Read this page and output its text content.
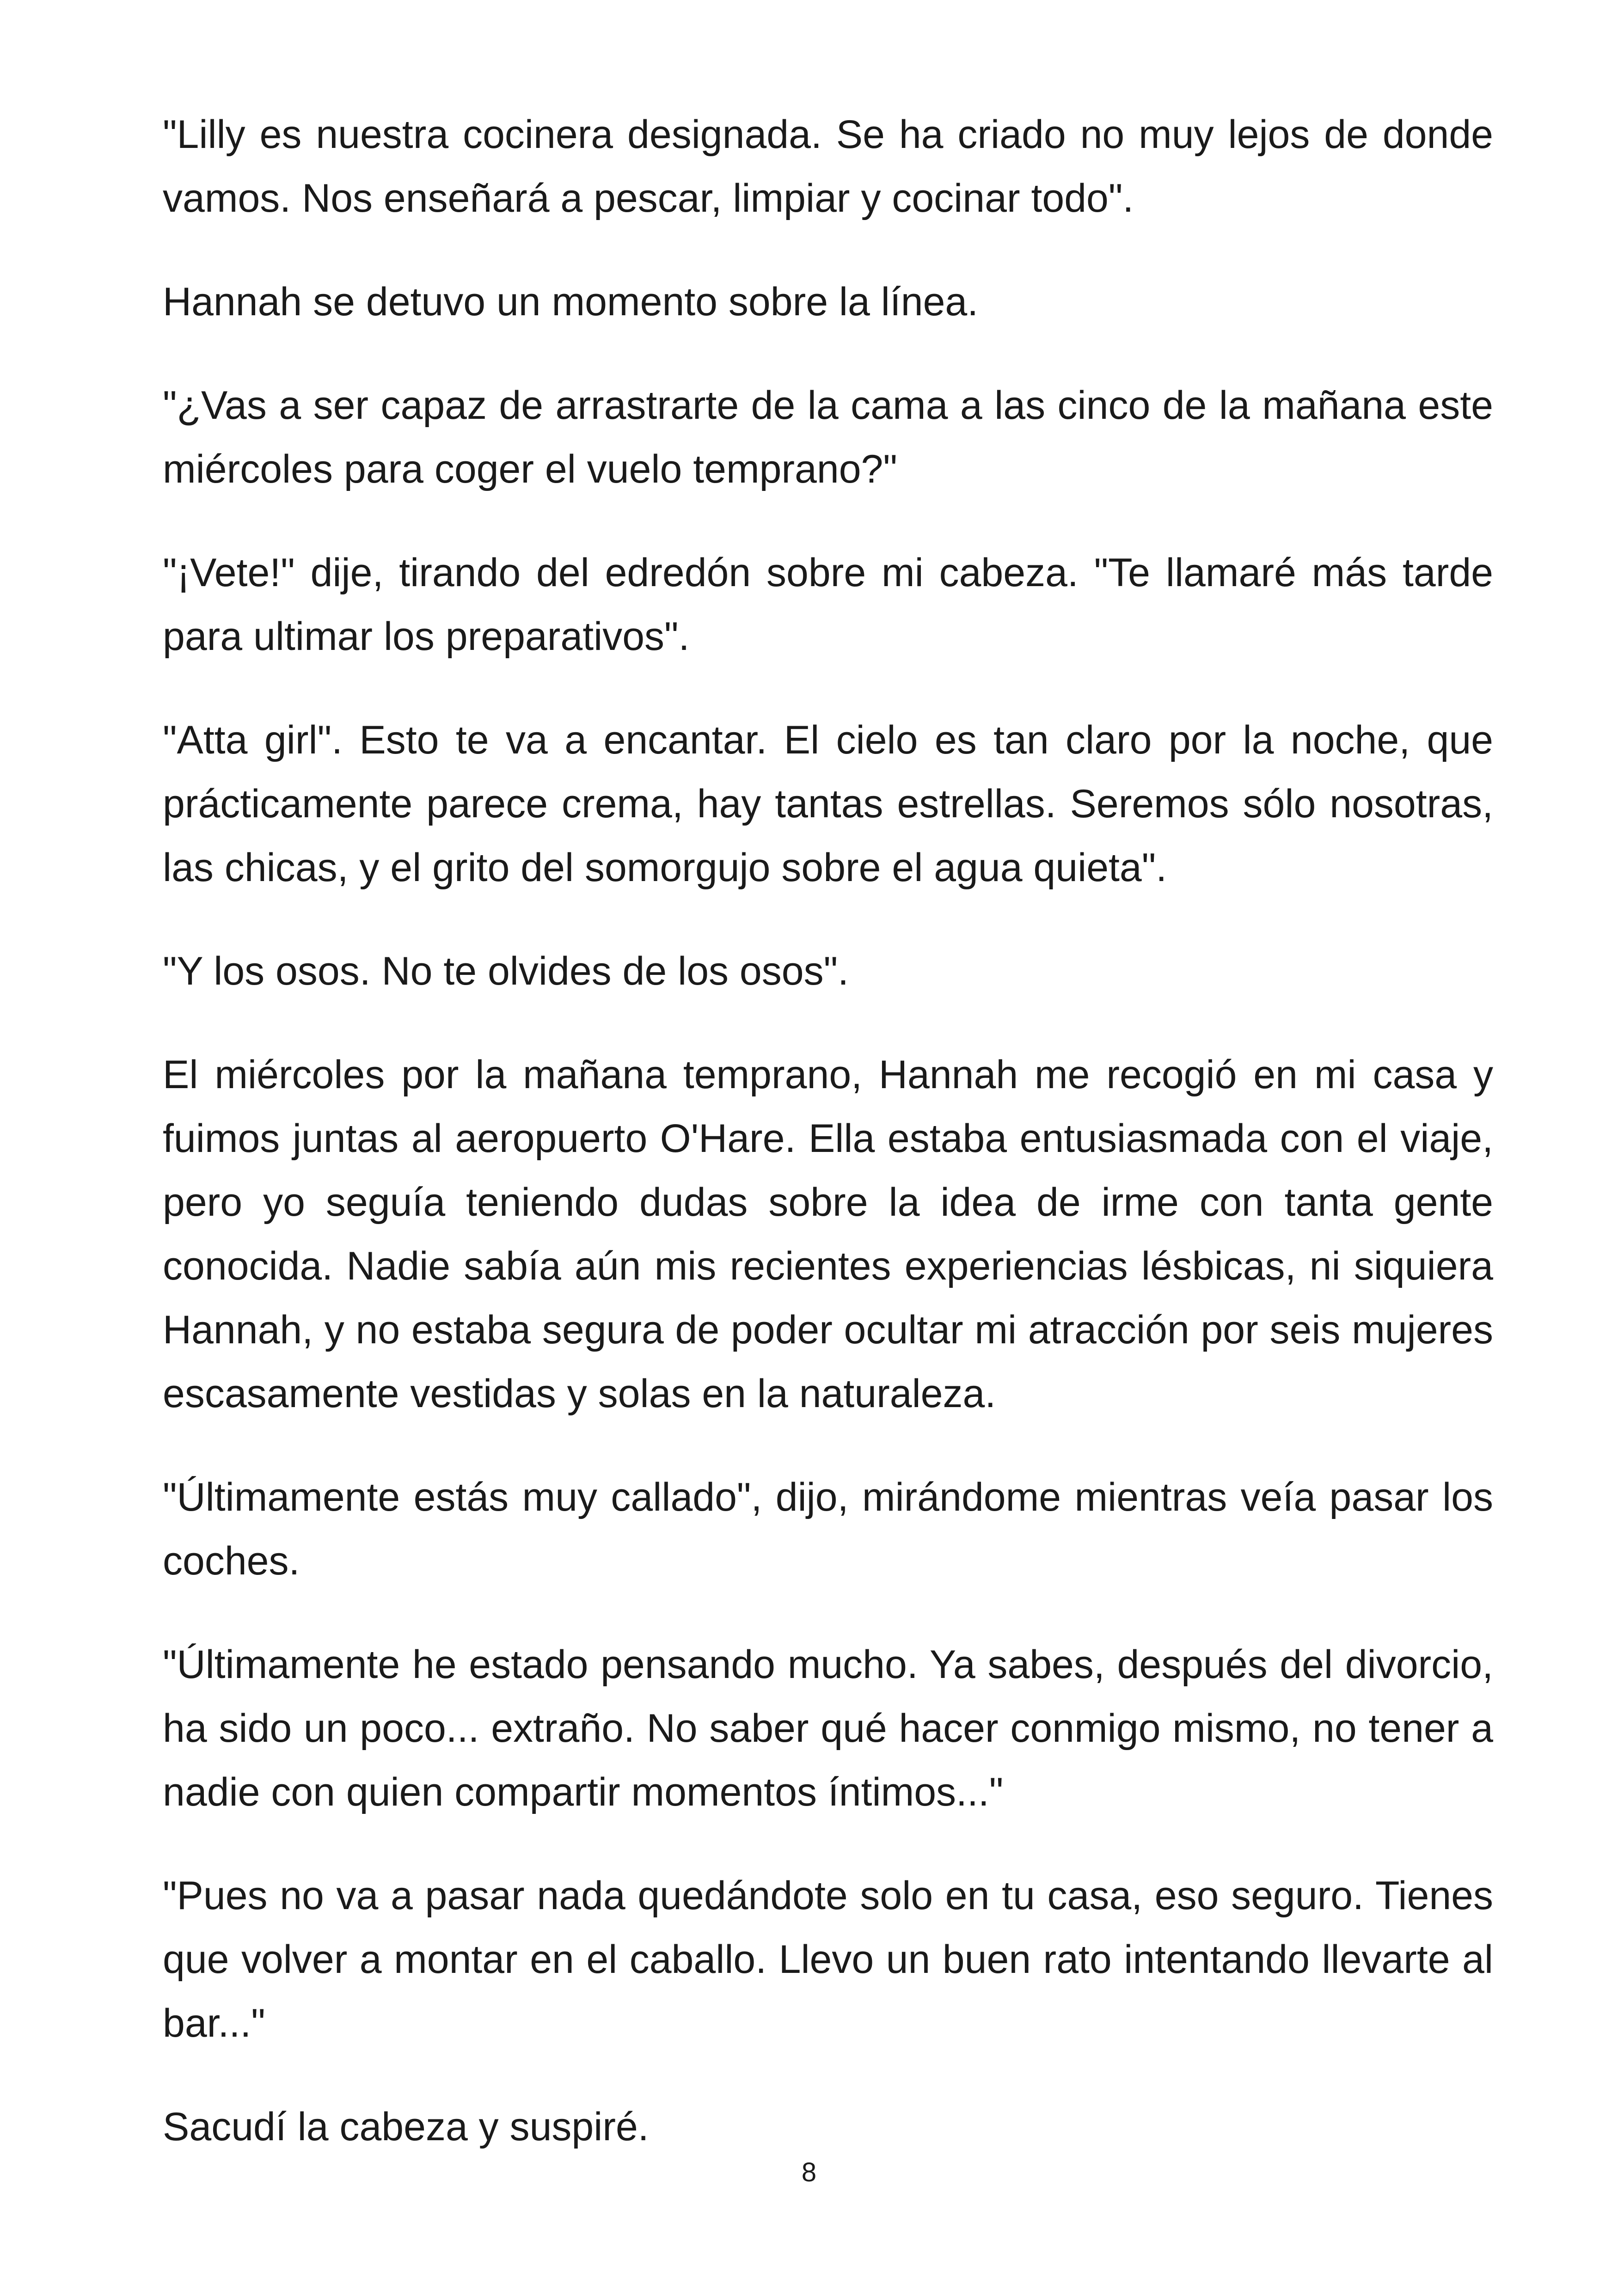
"Lilly es nuestra cocinera designada. Se ha criado no muy lejos de donde vamos. Nos enseñará a pescar, limpiar y cocinar todo".

Hannah se detuvo un momento sobre la línea.

"¿Vas a ser capaz de arrastrarte de la cama a las cinco de la mañana este miércoles para coger el vuelo temprano?"

"¡Vete!" dije, tirando del edredón sobre mi cabeza. "Te llamaré más tarde para ultimar los preparativos".

"Atta girl". Esto te va a encantar. El cielo es tan claro por la noche, que prácticamente parece crema, hay tantas estrellas. Seremos sólo nosotras, las chicas, y el grito del somorgujo sobre el agua quieta".

"Y los osos. No te olvides de los osos".

El miércoles por la mañana temprano, Hannah me recogió en mi casa y fuimos juntas al aeropuerto O'Hare. Ella estaba entusiasmada con el viaje, pero yo seguía teniendo dudas sobre la idea de irme con tanta gente conocida. Nadie sabía aún mis recientes experiencias lésbicas, ni siquiera Hannah, y no estaba segura de poder ocultar mi atracción por seis mujeres escasamente vestidas y solas en la naturaleza.

"Últimamente estás muy callado", dijo, mirándome mientras veía pasar los coches.

"Últimamente he estado pensando mucho. Ya sabes, después del divorcio, ha sido un poco... extraño. No saber qué hacer conmigo mismo, no tener a nadie con quien compartir momentos íntimos..."

"Pues no va a pasar nada quedándote solo en tu casa, eso seguro. Tienes que volver a montar en el caballo. Llevo un buen rato intentando llevarte al bar..."

Sacudí la cabeza y suspiré.

8
